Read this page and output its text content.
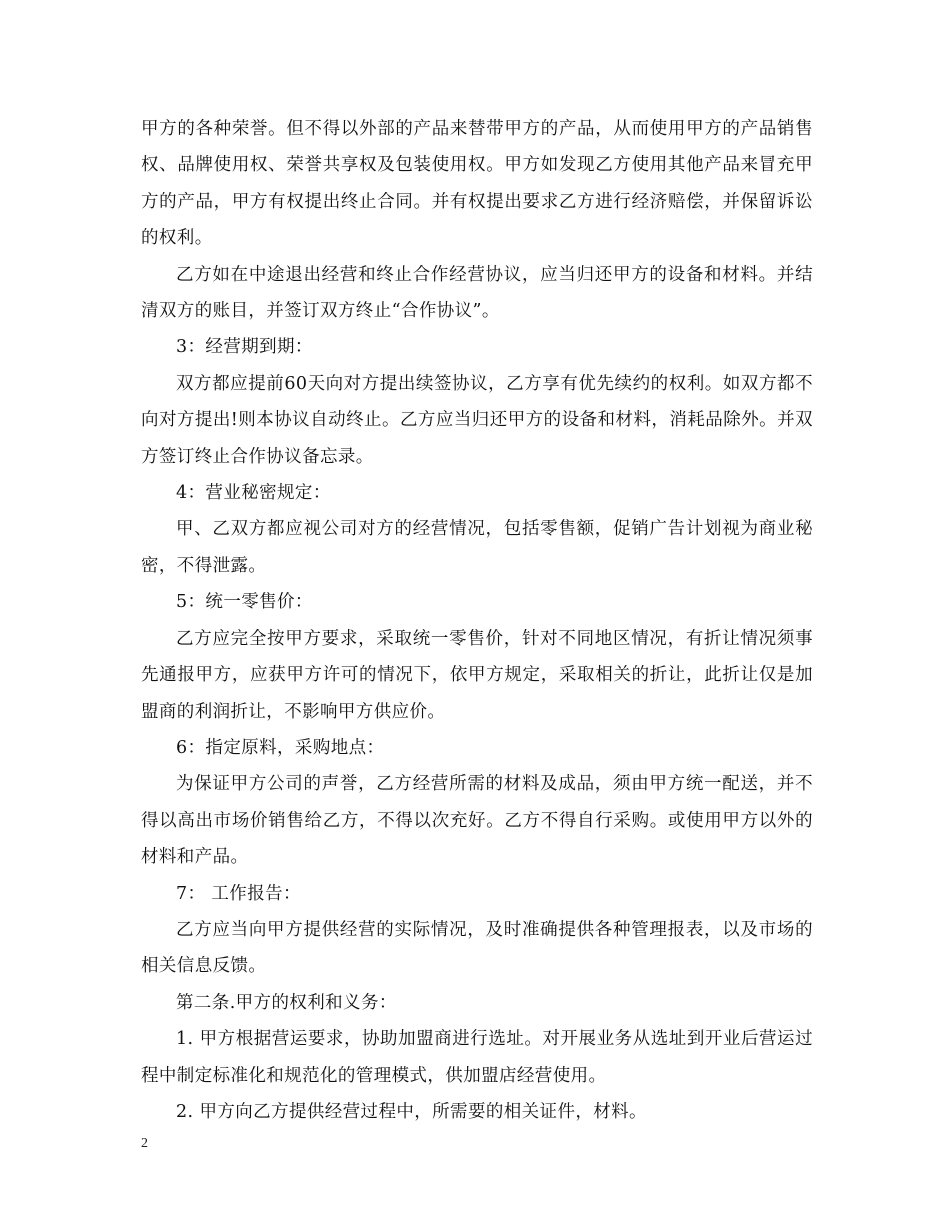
甲方的各种荣誉。但不得以外部的产品来替带甲方的产品，从而使用甲方的产品销售权、品牌使用权、荣誉共享权及包装使用权。甲方如发现乙方使用其他产品来冒充甲方的产品，甲方有权提出终止合同。并有权提出要求乙方进行经济赔偿，并保留诉讼的权利。

乙方如在中途退出经营和终止合作经营协议，应当归还甲方的设备和材料。并结清双方的账目，并签订双方终止“合作协议”。

3：经营期到期：

双方都应提前60天向对方提出续签协议，乙方享有优先续约的权利。如双方都不向对方提出!则本协议自动终止。乙方应当归还甲方的设备和材料，消耗品除外。并双方签订终止合作协议备忘录。

4：营业秘密规定：

甲、乙双方都应视公司对方的经营情况，包括零售额，促销广告计划视为商业秘密，不得泄露。

5：统一零售价：

乙方应完全按甲方要求，采取统一零售价，针对不同地区情况，有折让情况须事先通报甲方，应获甲方许可的情况下，依甲方规定，采取相关的折让，此折让仅是加盟商的利润折让，不影响甲方供应价。

6：指定原料，采购地点：

为保证甲方公司的声誉，乙方经营所需的材料及成品，须由甲方统一配送，并不得以高出市场价销售给乙方，不得以次充好。乙方不得自行采购。或使用甲方以外的材料和产品。

7： 工作报告：

乙方应当向甲方提供经营的实际情况，及时准确提供各种管理报表，以及市场的相关信息反馈。

第二条.甲方的权利和义务：

1. 甲方根据营运要求，协助加盟商进行选址。对开展业务从选址到开业后营运过程中制定标准化和规范化的管理模式，供加盟店经营使用。

2. 甲方向乙方提供经营过程中，所需要的相关证件，材料。

2
